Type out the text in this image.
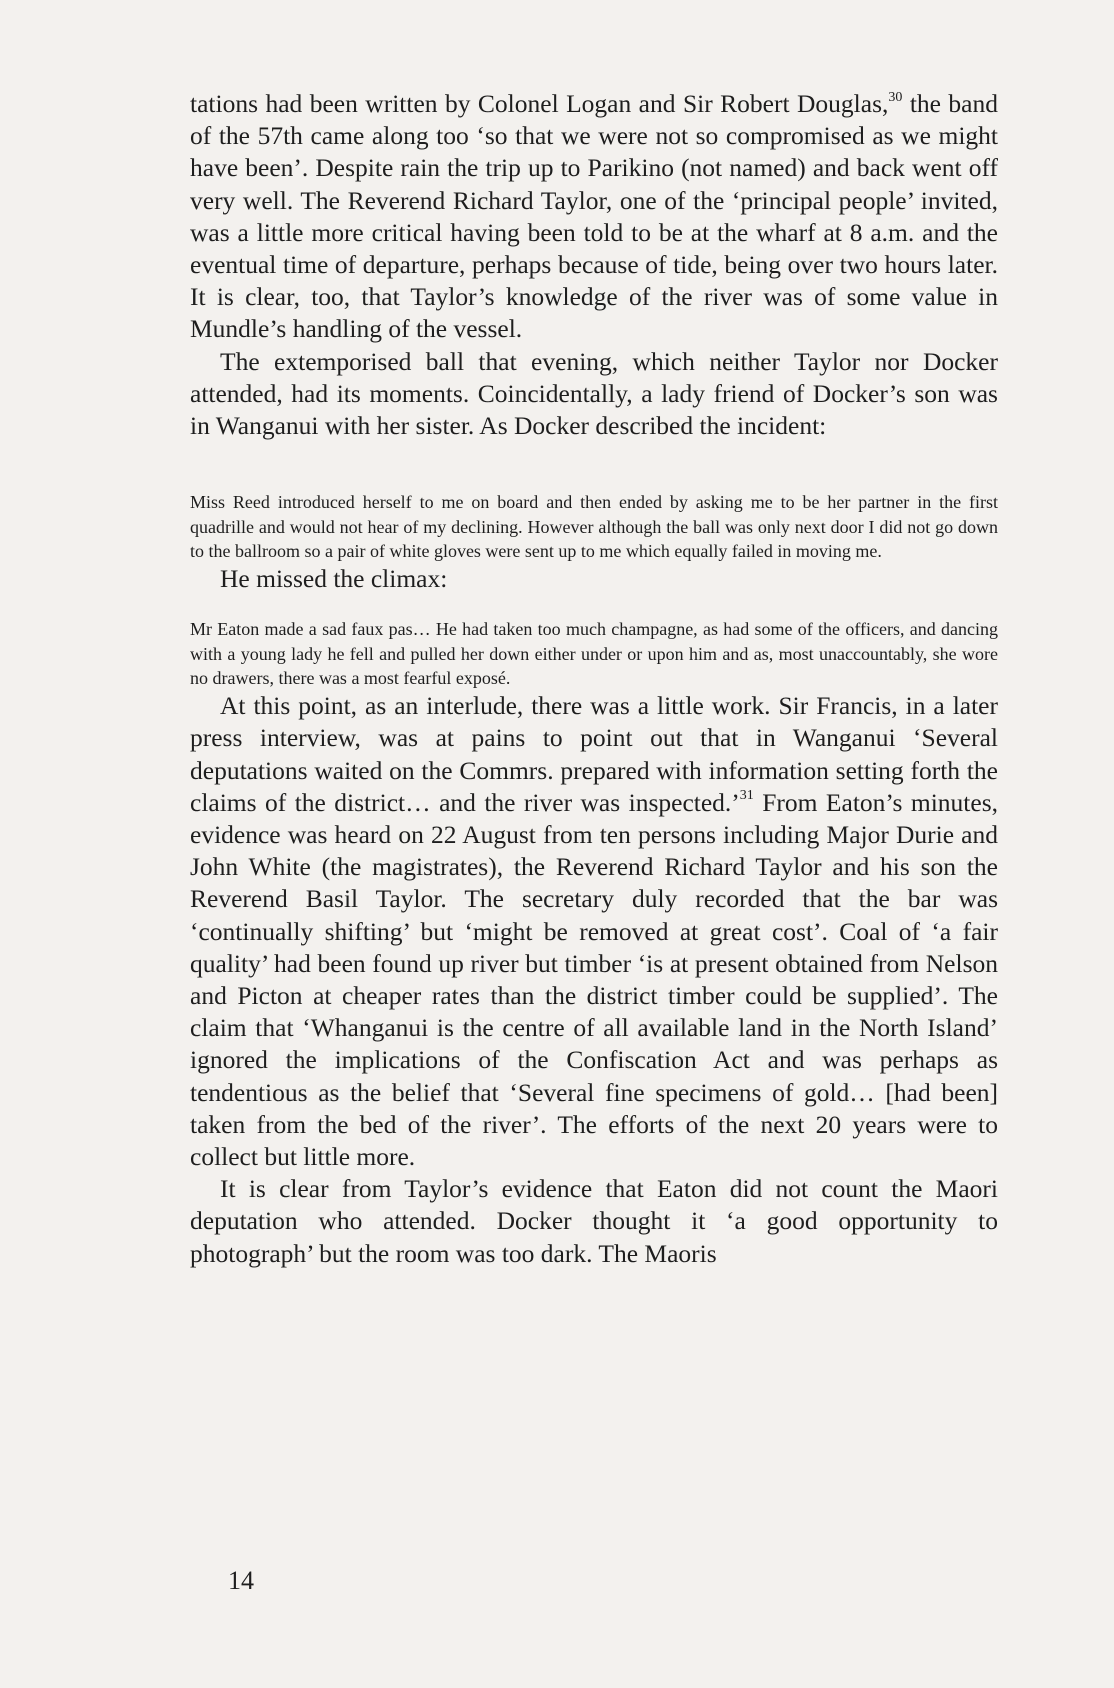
tations had been written by Colonel Logan and Sir Robert Douglas,$^{30}$ the band of the 57th came along too ‘so that we were not so compromised as we might have been’. Despite rain the trip up to Parikino (not named) and back went off very well. The Reverend Richard Taylor, one of the ‘principal people’ invited, was a little more critical having been told to be at the wharf at 8 a.m. and the eventual time of departure, perhaps because of tide, being over two hours later. It is clear, too, that Taylor’s knowledge of the river was of some value in Mundle’s handling of the vessel.

The extemporised ball that evening, which neither Taylor nor Docker attended, had its moments. Coincidentally, a lady friend of Docker’s son was in Wanganui with her sister. As Docker described the incident:

Miss Reed introduced herself to me on board and then ended by asking me to be her partner in the first quadrille and would not hear of my declining. However although the ball was only next door I did not go down to the ballroom so a pair of white gloves were sent up to me which equally failed in moving me.

He missed the climax:

Mr Eaton made a sad faux pas… He had taken too much champagne, as had some of the officers, and dancing with a young lady he fell and pulled her down either under or upon him and as, most unaccountably, she wore no drawers, there was a most fearful exposé.

At this point, as an interlude, there was a little work. Sir Francis, in a later press interview, was at pains to point out that in Wanganui ‘Several deputations waited on the Commrs. prepared with information setting forth the claims of the district… and the river was inspected.’$^{31}$ From Eaton’s minutes, evidence was heard on 22 August from ten persons including Major Durie and John White (the magistrates), the Reverend Richard Taylor and his son the Reverend Basil Taylor. The secretary duly recorded that the bar was ‘continually shifting’ but ‘might be removed at great cost’. Coal of ‘a fair quality’ had been found up river but timber ‘is at present obtained from Nelson and Picton at cheaper rates than the district timber could be supplied’. The claim that ‘Whanganui is the centre of all available land in the North Island’ ignored the implications of the Confiscation Act and was perhaps as tendentious as the belief that ‘Several fine specimens of gold… [had been] taken from the bed of the river’. The efforts of the next 20 years were to collect but little more.

It is clear from Taylor’s evidence that Eaton did not count the Maori deputation who attended. Docker thought it ‘a good opportunity to photograph’ but the room was too dark. The Maoris

14
